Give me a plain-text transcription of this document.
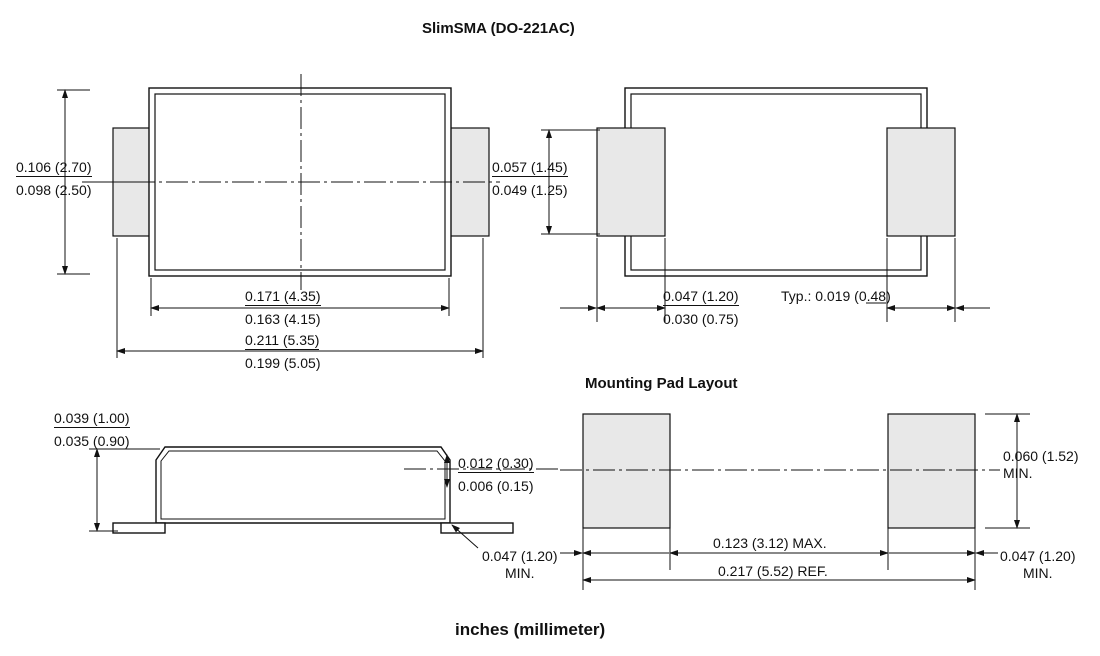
SlimSMA (DO-221AC)
Mounting Pad Layout
inches (millimeter)
0.106 (2.70)
0.098 (2.50)
0.171 (4.35)
0.163 (4.15)
0.211 (5.35)
0.199 (5.05)
0.057 (1.45)
0.049 (1.25)
0.047 (1.20)
0.030 (0.75)
Typ.: 0.019 (0.48)
0.039 (1.00)
0.035 (0.90)
0.012 (0.30)
0.006 (0.15)
0.047 (1.20)
MIN.
0.123 (3.12) MAX.
0.217 (5.52) REF.
0.047 (1.20)
MIN.
0.060 (1.52)
MIN.
